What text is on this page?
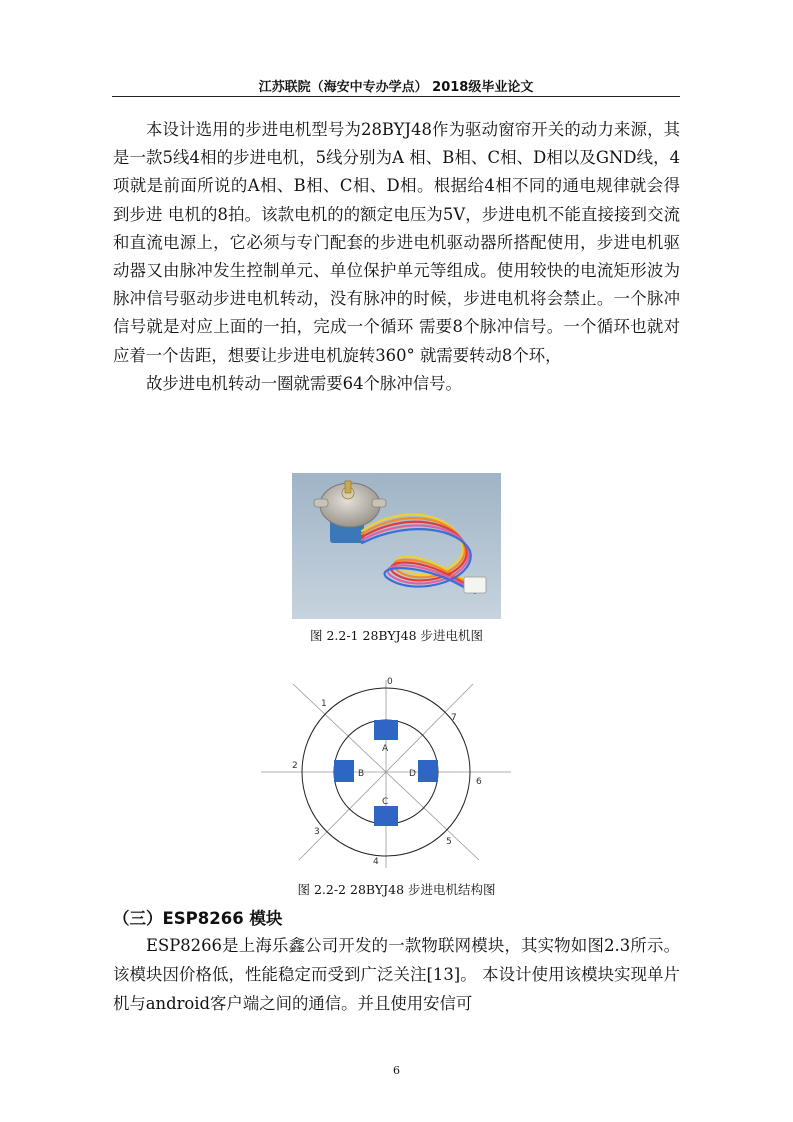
江苏联院（海安中专办学点） 2018级毕业论文

本设计选用的步进电机型号为28BYJ48作为驱动窗帘开关的动力来源，其是一款5线4相的步进电机，5线分别为A 相、B相、C相、D相以及GND线，4项就是前面所说的A相、B相、C相、D相。根据给4相不同的通电规律就会得到步进 电机的8拍。该款电机的的额定电压为5V，步进电机不能直接接到交流和直流电源上，它必须与专门配套的步进电机驱动器所搭配使用，步进电机驱动器又由脉冲发生控制单元、单位保护单元等组成。使用较快的电流矩形波为脉冲信号驱动步进电机转动，没有脉冲的时候，步进电机将会禁止。一个脉冲信号就是对应上面的一拍，完成一个循环 需要8个脉冲信号。一个循环也就对应着一个齿距，想要让步进电机旋转360° 就需要转动8个环，

故步进电机转动一圈就需要64个脉冲信号。

图 2.2-1 28BYJ48 步进电机图
0
1
2
3
4
5
6
7
A
B
C
D
图 2.2-2 28BYJ48 步进电机结构图
（三）ESP8266 模块

ESP8266是上海乐鑫公司开发的一款物联网模块，其实物如图2.3所示。 该模块因价格低，性能稳定而受到广泛关注[13]。 本设计使用该模块实现单片机与android客户端之间的通信。并且使用安信可

6
